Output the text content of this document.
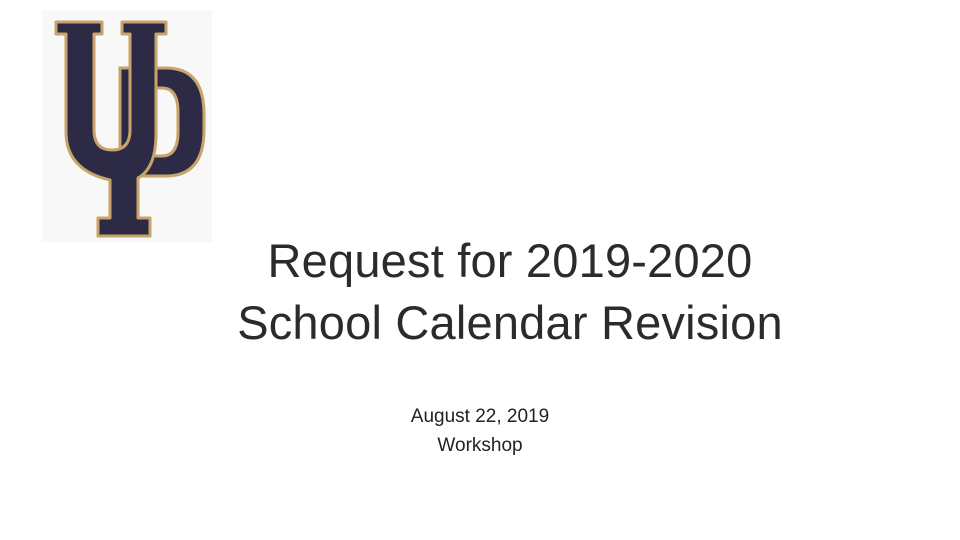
Request for 2019-2020
School Calendar Revision
August 22, 2019
Workshop
